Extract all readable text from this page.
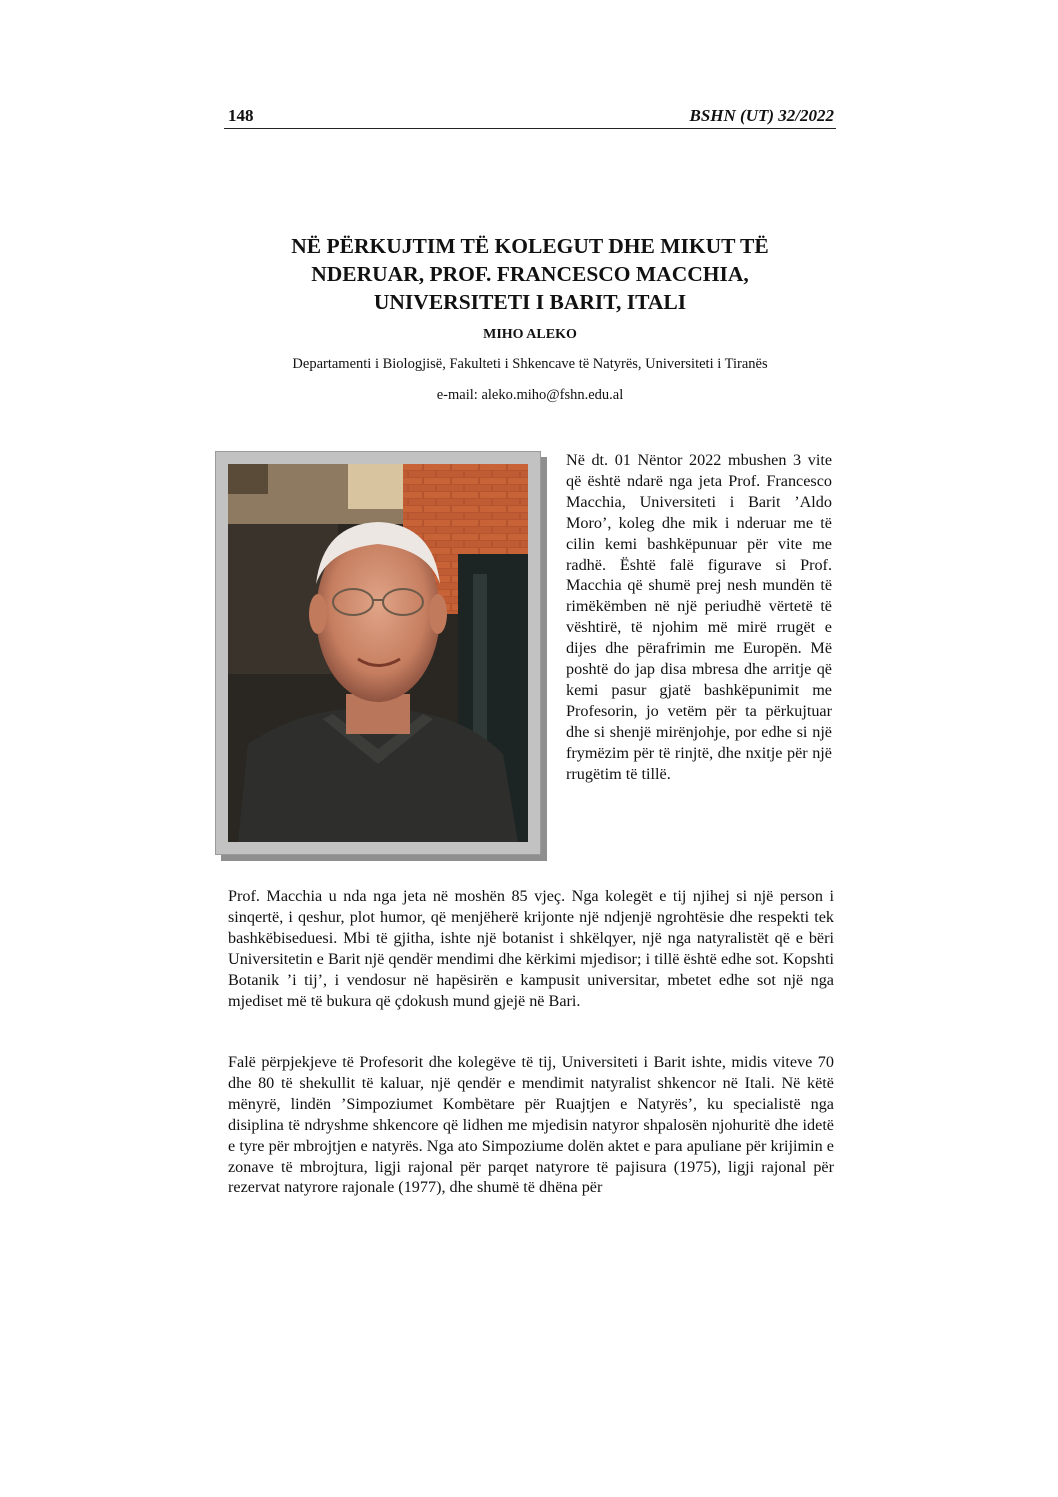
148	BSHN (UT) 32/2022
NË PËRKUJTIM TË KOLEGUT DHE MIKUT TË
NDERUAR, PROF. FRANCESCO MACCHIA,
UNIVERSITETI I BARIT, ITALI
MIHO ALEKO
Departamenti i Biologjisë, Fakulteti i Shkencave të Natyrës, Universiteti i Tiranës
e-mail: aleko.miho@fshn.edu.al

Në dt. 01 Nëntor 2022 mbushen 3 vite që është ndarë nga jeta Prof. Francesco Macchia, Universiteti i Barit ’Aldo Moro’, koleg dhe mik i nderuar me të cilin kemi bashkëpunuar për vite me radhë. Është falë figurave si Prof. Macchia që shumë prej nesh mundën të rimëkëmben në një periudhë vërtetë të vështirë, të njohim më mirë rrugët e dijes dhe përafrimin me Europën. Më poshtë do jap disa mbresa dhe arritje që kemi pasur gjatë bashkëpunimit me Profesorin, jo vetëm për ta përkujtuar dhe si shenjë mirënjohje, por edhe si një frymëzim për të rinjtë, dhe nxitje për një rrugëtim të tillë.

Prof. Macchia u nda nga jeta në moshën 85 vjeç. Nga kolegët e tij njihej si një person i sinqertë, i qeshur, plot humor, që menjëherë krijonte një ndjenjë ngrohtësie dhe respekti tek bashkëbiseduesi. Mbi të gjitha, ishte një botanist i shkëlqyer, një nga natyralistët që e bëri Universitetin e Barit një qendër mendimi dhe kërkimi mjedisor; i tillë është edhe sot. Kopshti Botanik ’i tij’, i vendosur në hapësirën e kampusit universitar, mbetet edhe sot një nga mjediset më të bukura që çdokush mund gjejë në Bari.

Falë përpjekjeve të Profesorit dhe kolegëve të tij, Universiteti i Barit ishte, midis viteve 70 dhe 80 të shekullit të kaluar, një qendër e mendimit natyralist shkencor në Itali. Në këtë mënyrë, lindën ’Simpoziumet Kombëtare për Ruajtjen e Natyrës’, ku specialistë nga disiplina të ndryshme shkencore që lidhen me mjedisin natyror shpalosën njohuritë dhe idetë e tyre për mbrojtjen e natyrës. Nga ato Simpoziume dolën aktet e para apuliane për krijimin e zonave të mbrojtura, ligji rajonal për parqet natyrore të pajisura (1975), ligji rajonal për rezervat natyrore rajonale (1977), dhe shumë të dhëna për
